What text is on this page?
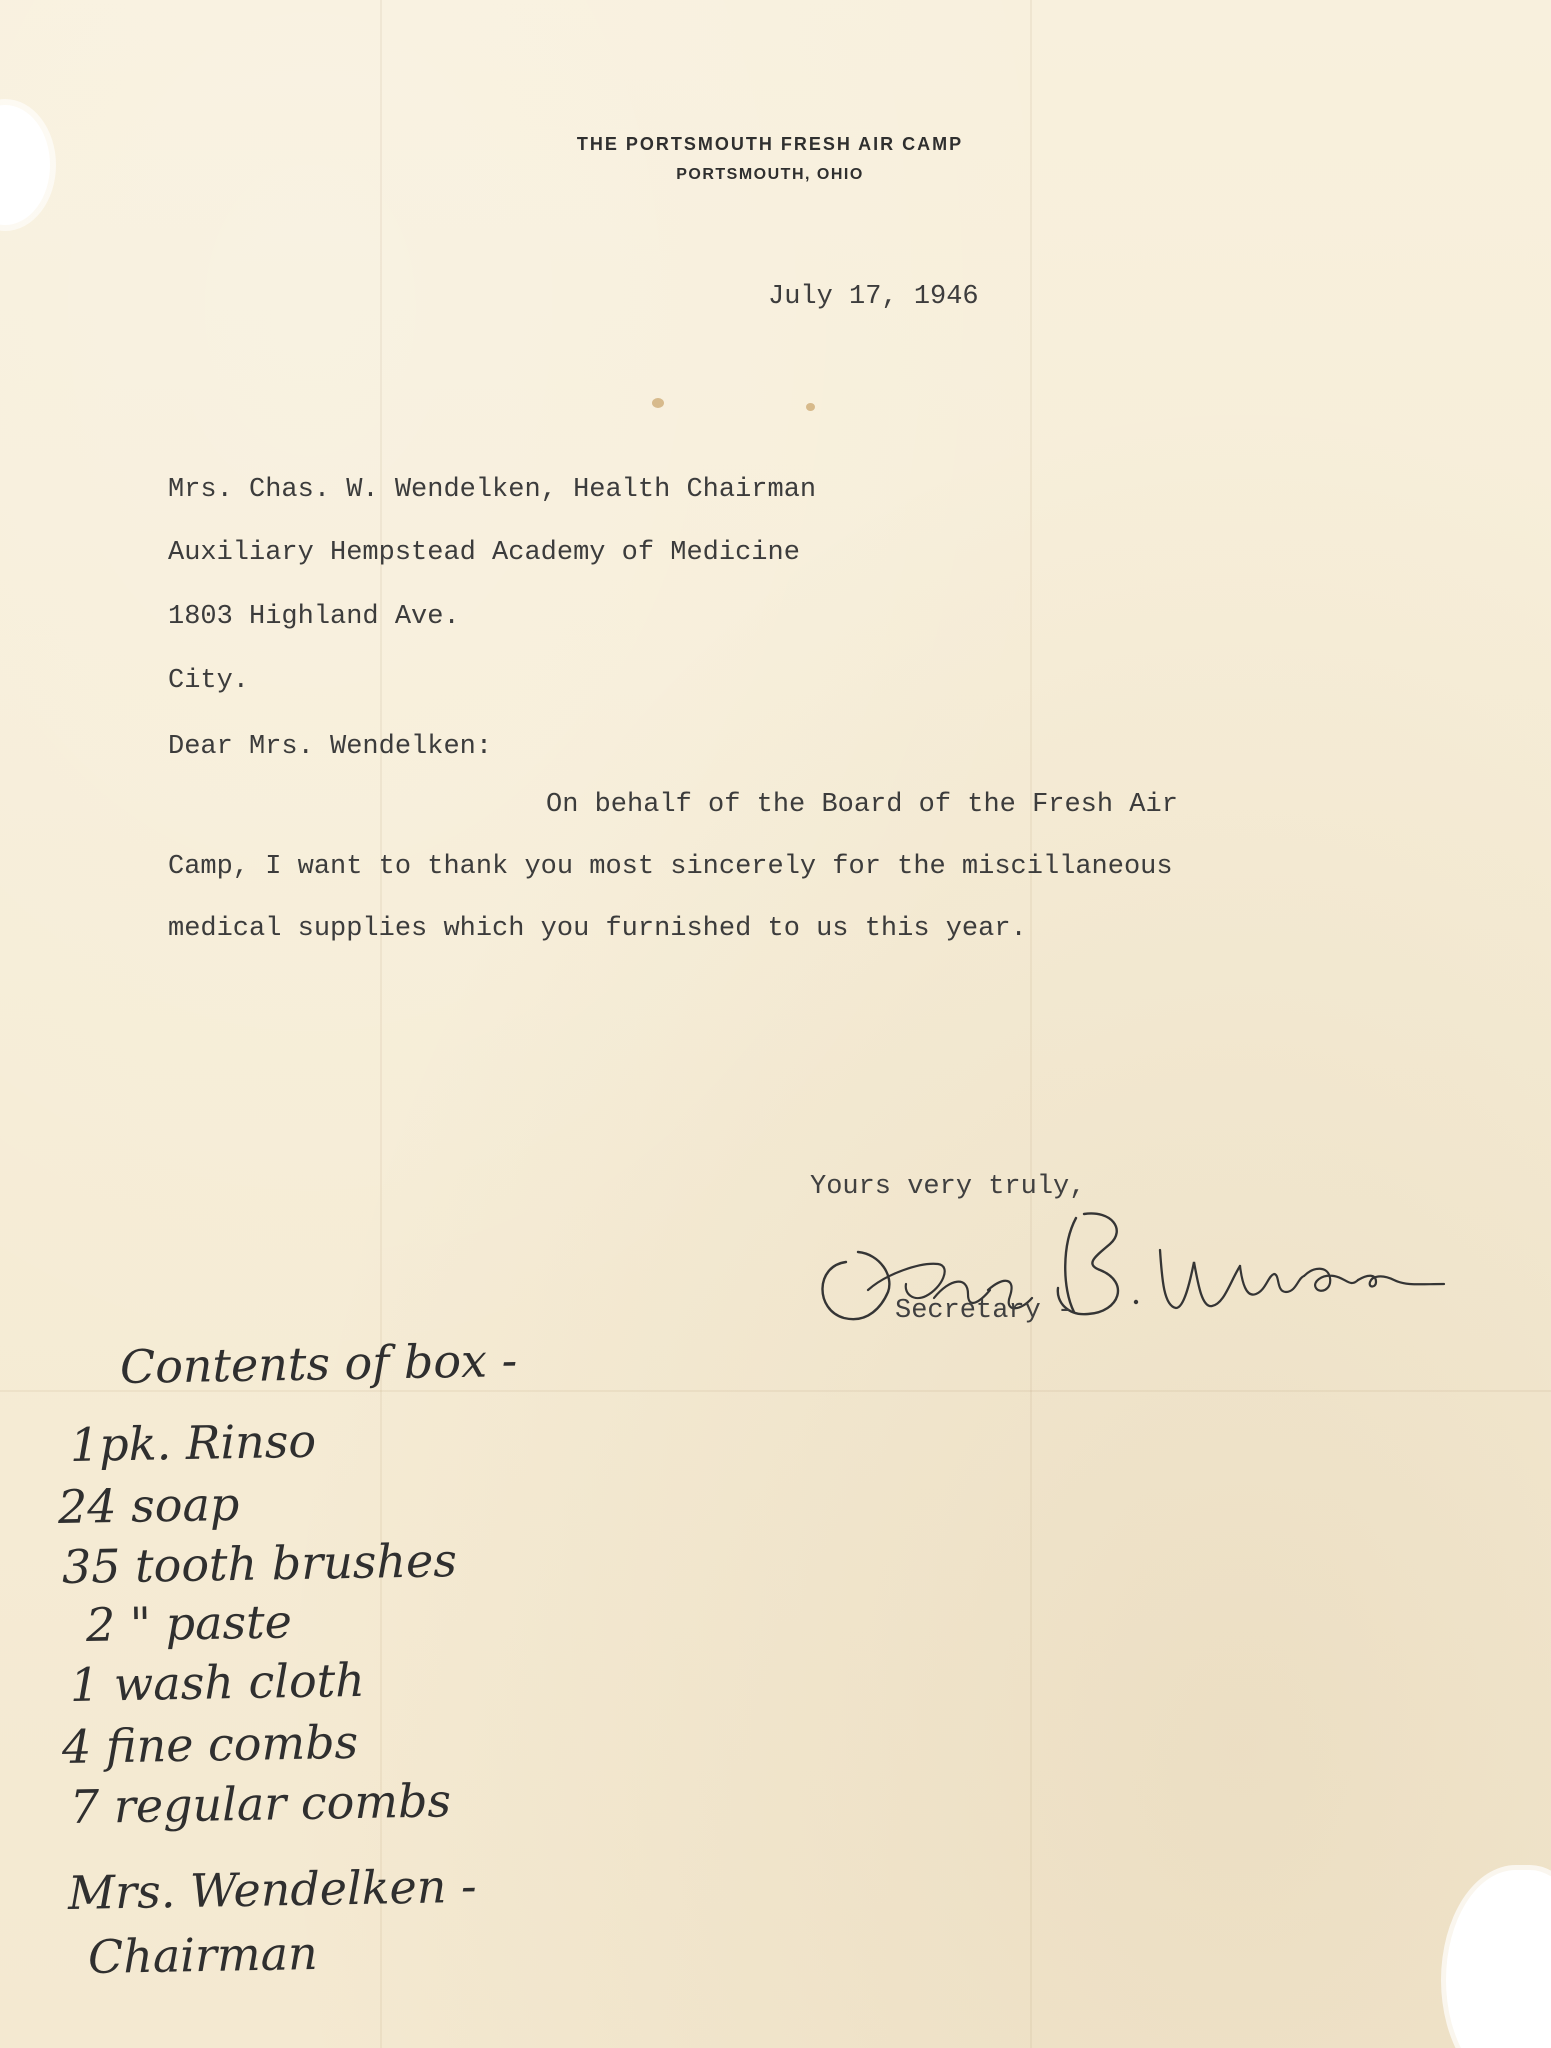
THE PORTSMOUTH FRESH AIR CAMP
PORTSMOUTH, OHIO
July 17, 1946
Mrs. Chas. W. Wendelken, Health Chairman
Auxiliary Hempstead Academy of Medicine
1803 Highland Ave.
City.
Dear Mrs. Wendelken:
On behalf of the Board of the Fresh Air
Camp, I want to thank you most sincerely for the miscillaneous
medical supplies which you furnished to us this year.
Yours very truly,
Secretary -
Contents of box -
1pk. Rinso
24 soap
35 tooth brushes
2 " paste
1 wash cloth
4 fine combs
7 regular combs
Mrs. Wendelken -
Chairman
